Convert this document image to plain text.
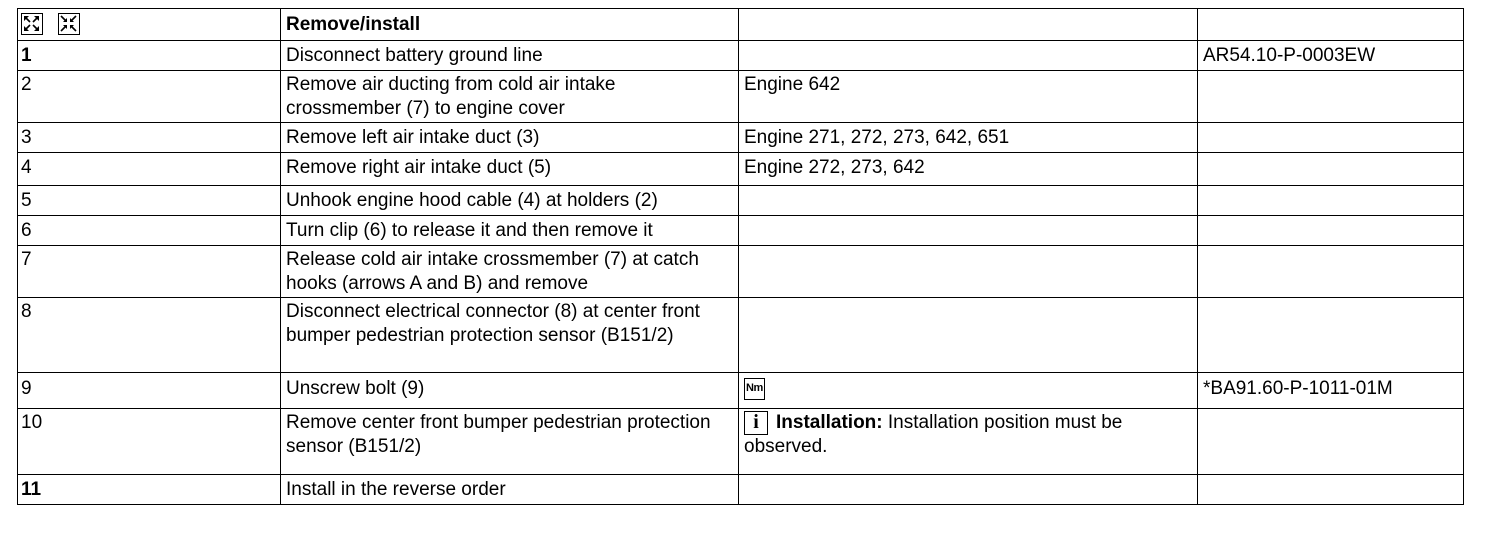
	Remove/install		
1	Disconnect battery ground line		AR54.10-P-0003EW
2	Remove air ducting from cold air intake crossmember (7) to engine cover	Engine 642	
3	Remove left air intake duct (3)	Engine 271, 272, 273, 642, 651	
4	Remove right air intake duct (5)	Engine 272, 273, 642	
5	Unhook engine hood cable (4) at holders (2)		
6	Turn clip (6) to release it and then remove it		
7	Release cold air intake crossmember (7) at catch hooks (arrows A and B) and remove		
8	Disconnect electrical connector (8) at center front bumper pedestrian protection sensor (B151/2)		
9	Unscrew bolt (9)	Nm	*BA91.60-P-1011-01M
10	Remove center front bumper pedestrian protection sensor (B151/2)	i Installation: Installation position must be observed.	
11	Install in the reverse order		
